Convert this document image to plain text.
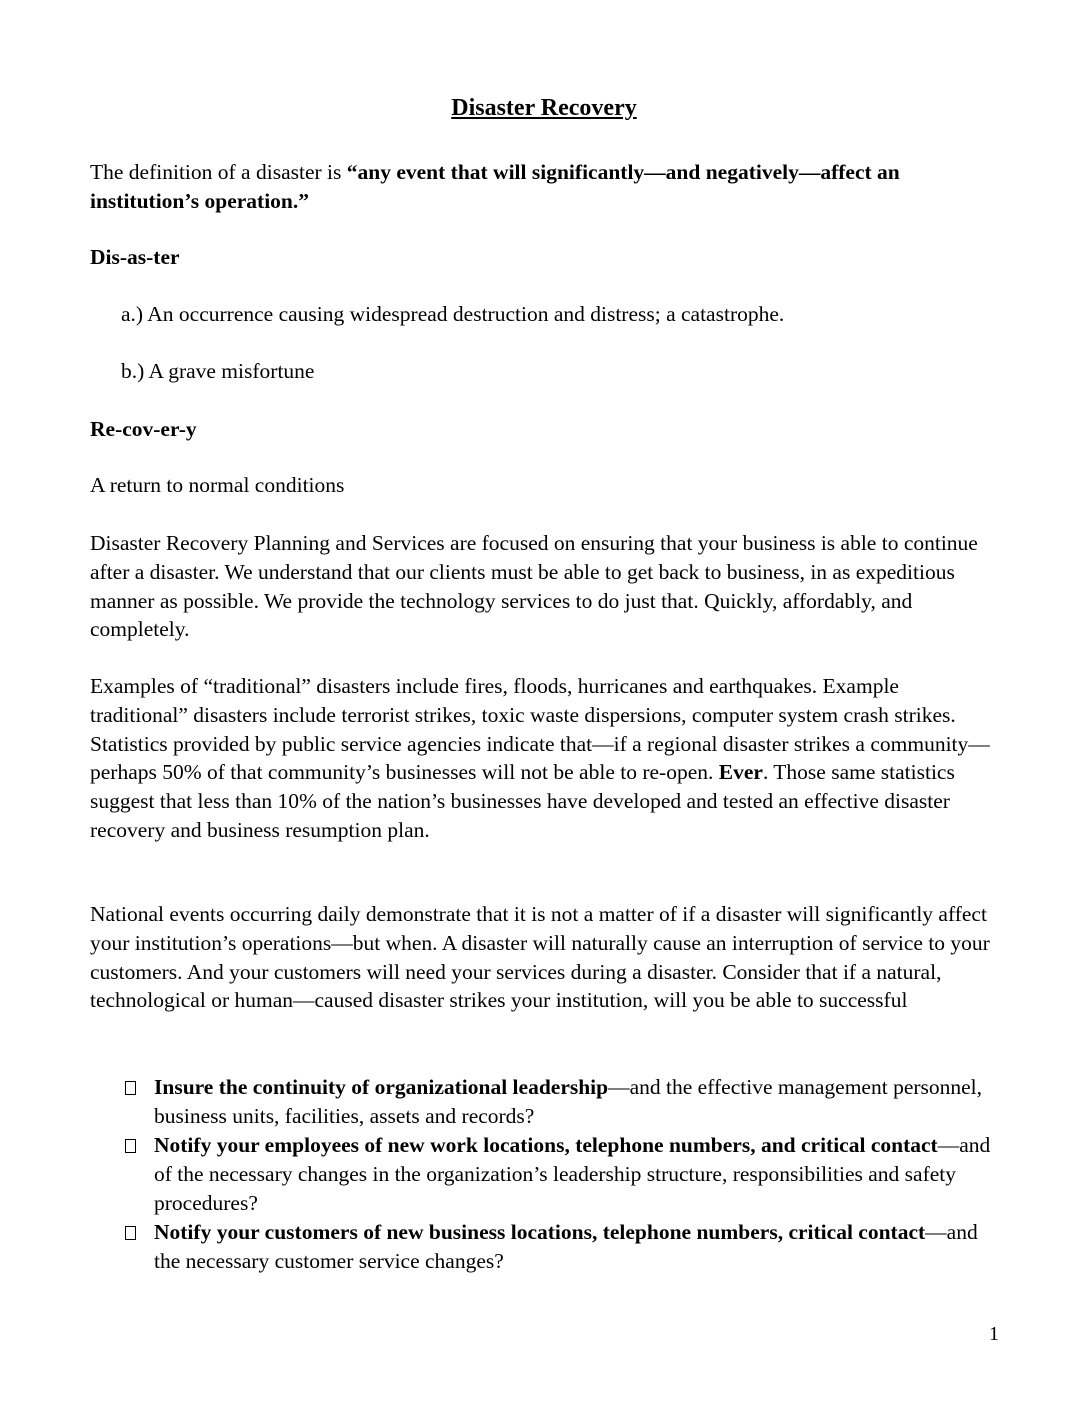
Disaster Recovery

The definition of a disaster is “any event that will significantly—and negatively—affect an institution’s operation.”

Dis-as-ter

a.) An occurrence causing widespread destruction and distress; a catastrophe.

b.) A grave misfortune

Re-cov-er-y

A return to normal conditions

Disaster Recovery Planning and Services are focused on ensuring that your business is able to continue after a disaster. We understand that our clients must be able to get back to business, in as expeditious manner as possible. We provide the technology services to do just that. Quickly, affordably, and completely.

Examples of “traditional” disasters include fires, floods, hurricanes and earthquakes. Example traditional” disasters include terrorist strikes, toxic waste dispersions, computer system crash strikes. Statistics provided by public service agencies indicate that—if a regional disaster strikes a community—perhaps 50% of that community’s businesses will not be able to re-open. Ever. Those same statistics suggest that less than 10% of the nation’s businesses have developed and tested an effective disaster recovery and business resumption plan.

National events occurring daily demonstrate that it is not a matter of if a disaster will significantly affect your institution’s operations—but when. A disaster will naturally cause an interruption of service to your customers. And your customers will need your services during a disaster. Consider that if a natural, technological or human—caused disaster strikes your institution, will you be able to successful

Insure the continuity of organizational leadership—and the effective management personnel, business units, facilities, assets and records?
Notify your employees of new work locations, telephone numbers, and critical contact—and of the necessary changes in the organization’s leadership structure, responsibilities and safety procedures?
Notify your customers of new business locations, telephone numbers, critical contact—and the necessary customer service changes?

1
